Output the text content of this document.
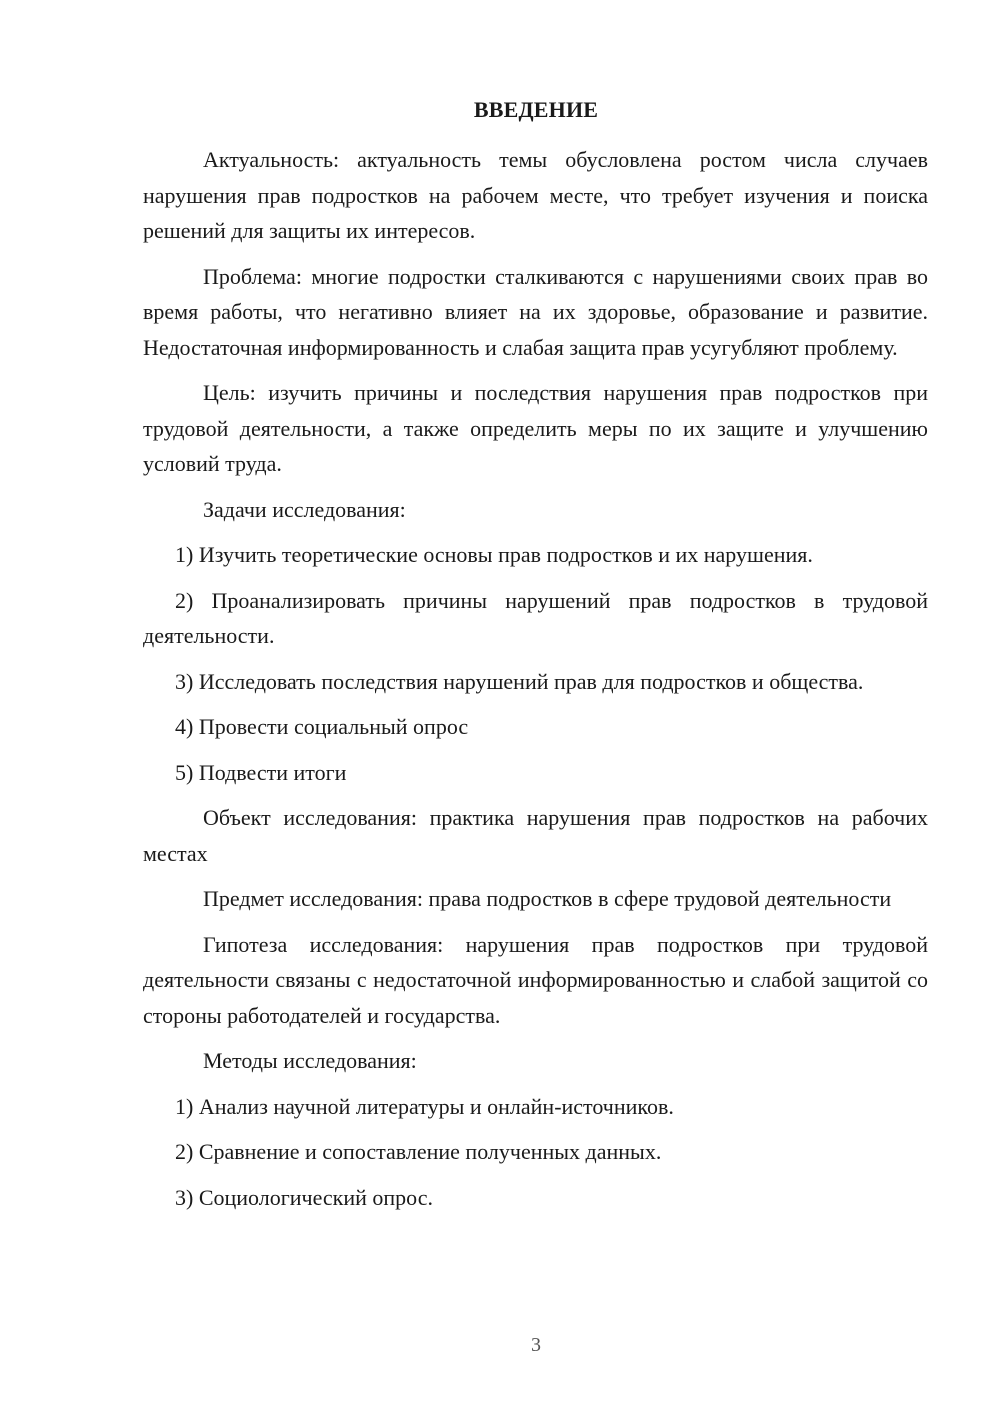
ВВЕДЕНИЕ

Актуальность: актуальность темы обусловлена ростом числа случаев нарушения прав подростков на рабочем месте, что требует изучения и поиска решений для защиты их интересов.

Проблема: многие подростки сталкиваются с нарушениями своих прав во время работы, что негативно влияет на их здоровье, образование и развитие. Недостаточная информированность и слабая защита прав усугубляют проблему.

Цель: изучить причины и последствия нарушения прав подростков при трудовой деятельности, а также определить меры по их защите и улучшению условий труда.

Задачи исследования:

1) Изучить теоретические основы прав подростков и их нарушения.

2) Проанализировать причины нарушений прав подростков в трудовой деятельности.

3) Исследовать последствия нарушений прав для подростков и общества.

4) Провести социальный опрос

5) Подвести итоги

Объект исследования: практика нарушения прав подростков на рабочих местах

Предмет исследования: права подростков в сфере трудовой деятельности

Гипотеза исследования: нарушения прав подростков при трудовой деятельности связаны с недостаточной информированностью и слабой защитой со стороны работодателей и государства.

Методы исследования:

1) Анализ научной литературы и онлайн-источников.

2) Сравнение и сопоставление полученных данных.

3) Социологический опрос.

3
